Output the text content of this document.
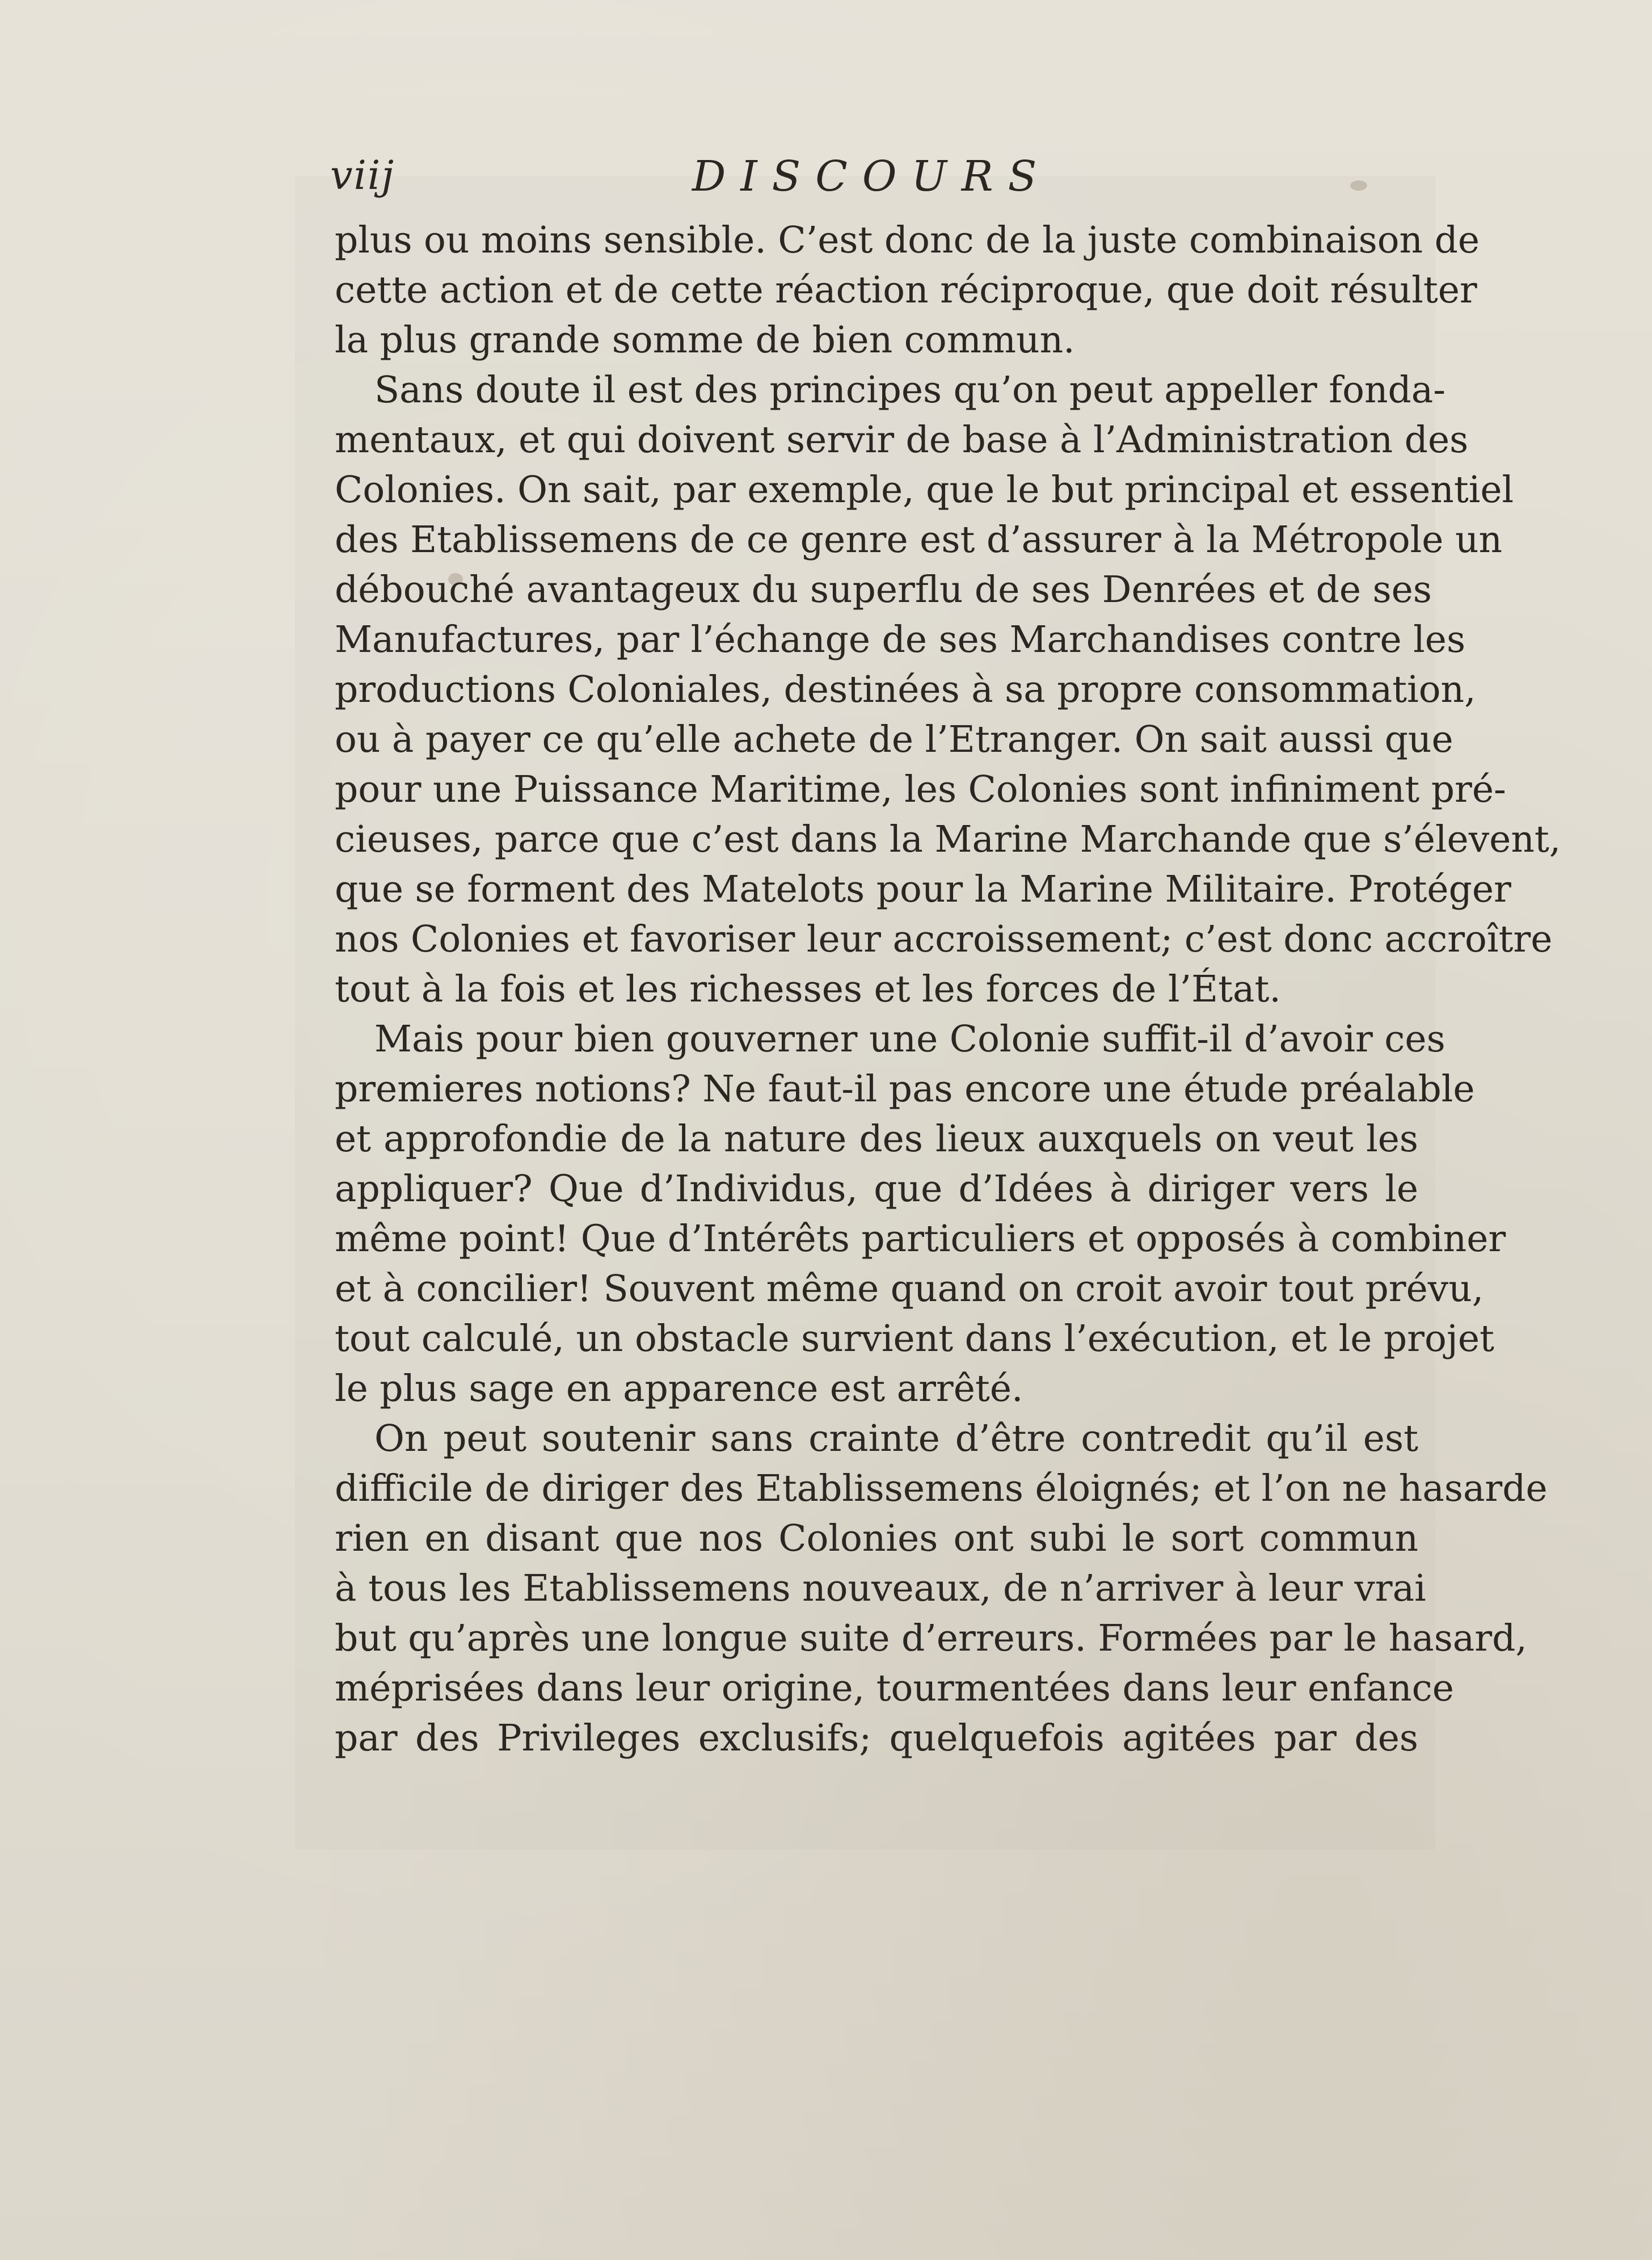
viij	DISCOURS
plus ou moins sensible. C’est donc de la juste combinaison de
cette action et de cette réaction réciproque, que doit résulter
la plus grande somme de bien commun.
Sans doute il est des principes qu’on peut appeller fonda-
mentaux, et qui doivent servir de base à l’Administration des
Colonies. On sait, par exemple, que le but principal et essentiel
des Etablissemens de ce genre est d’assurer à la Métropole un
débouché avantageux du superflu de ses Denrées et de ses
Manufactures, par l’échange de ses Marchandises contre les
productions Coloniales, destinées à sa propre consommation,
ou à payer ce qu’elle achete de l’Etranger. On sait aussi que
pour une Puissance Maritime, les Colonies sont infiniment pré-
cieuses, parce que c’est dans la Marine Marchande que s’élevent,
que se forment des Matelots pour la Marine Militaire. Protéger
nos Colonies et favoriser leur accroissement; c’est donc accroître
tout à la fois et les richesses et les forces de l’État.
Mais pour bien gouverner une Colonie suffit-il d’avoir ces
premieres notions? Ne faut-il pas encore une étude préalable
et approfondie de la nature des lieux auxquels on veut les
appliquer? Que d’Individus, que d’Idées à diriger vers le
même point! Que d’Intérêts particuliers et opposés à combiner
et à concilier! Souvent même quand on croit avoir tout prévu,
tout calculé, un obstacle survient dans l’exécution, et le projet
le plus sage en apparence est arrêté.
On peut soutenir sans crainte d’être contredit qu’il est
difficile de diriger des Etablissemens éloignés; et l’on ne hasarde
rien en disant que nos Colonies ont subi le sort commun
à tous les Etablissemens nouveaux, de n’arriver à leur vrai
but qu’après une longue suite d’erreurs. Formées par le hasard,
méprisées dans leur origine, tourmentées dans leur enfance
par des Privileges exclusifs; quelquefois agitées par des
